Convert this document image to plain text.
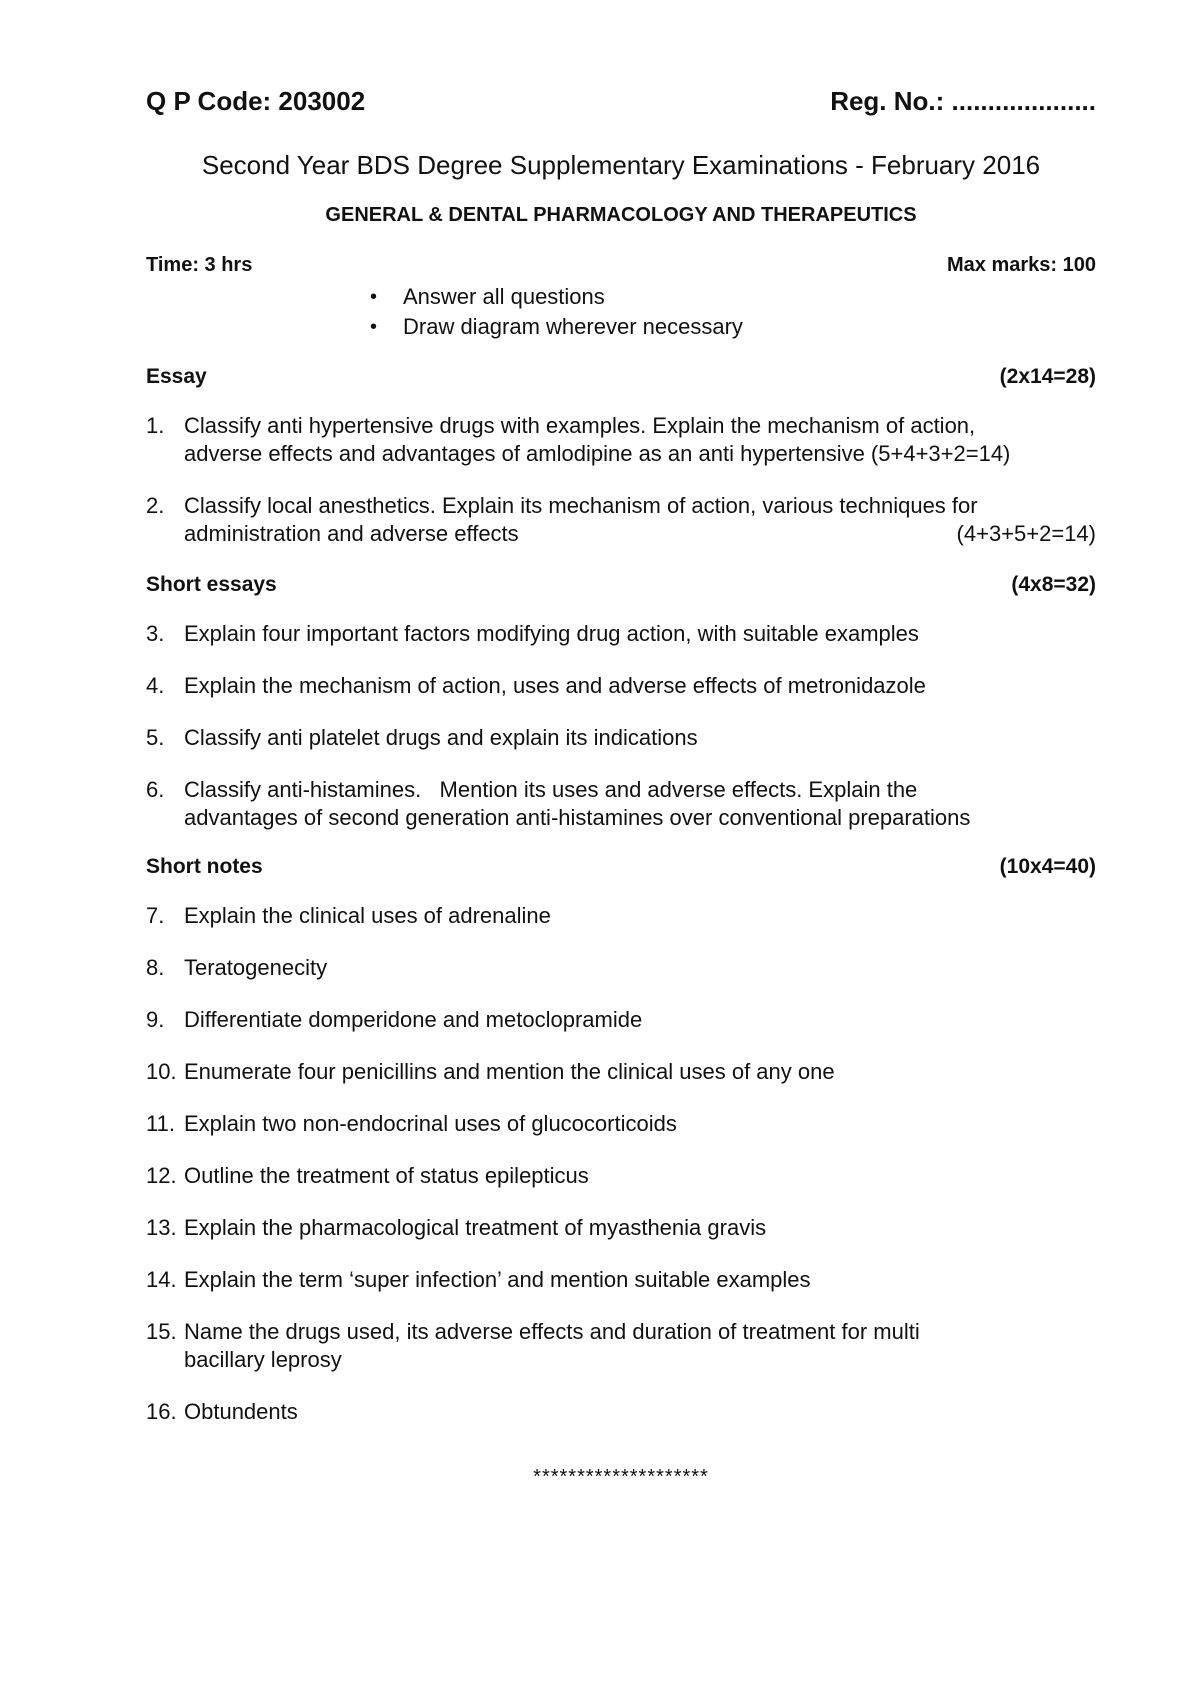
Q P Code: 203002	Reg. No.: ....................
Second Year BDS Degree Supplementary Examinations - February 2016
GENERAL & DENTAL PHARMACOLOGY AND THERAPEUTICS
Time: 3 hrs	Max marks: 100
•	Answer all questions
•	Draw diagram wherever necessary
Essay	(2x14=28)
1. Classify anti hypertensive drugs with examples. Explain the mechanism of action,
adverse effects and advantages of amlodipine as an anti hypertensive (5+4+3+2=14)
2. Classify local anesthetics. Explain its mechanism of action, various techniques for
administration and adverse effects	(4+3+5+2=14)
Short essays	(4x8=32)
3. Explain four important factors modifying drug action, with suitable examples
4. Explain the mechanism of action, uses and adverse effects of metronidazole
5. Classify anti platelet drugs and explain its indications
6. Classify anti-histamines.   Mention its uses and adverse effects. Explain the
advantages of second generation anti-histamines over conventional preparations
Short notes	(10x4=40)
7. Explain the clinical uses of adrenaline
8. Teratogenecity
9. Differentiate domperidone and metoclopramide
10. Enumerate four penicillins and mention the clinical uses of any one
11. Explain two non-endocrinal uses of glucocorticoids
12. Outline the treatment of status epilepticus
13. Explain the pharmacological treatment of myasthenia gravis
14. Explain the term ‘super infection’ and mention suitable examples
15. Name the drugs used, its adverse effects and duration of treatment for multi
bacillary leprosy
16. Obtundents
********************
